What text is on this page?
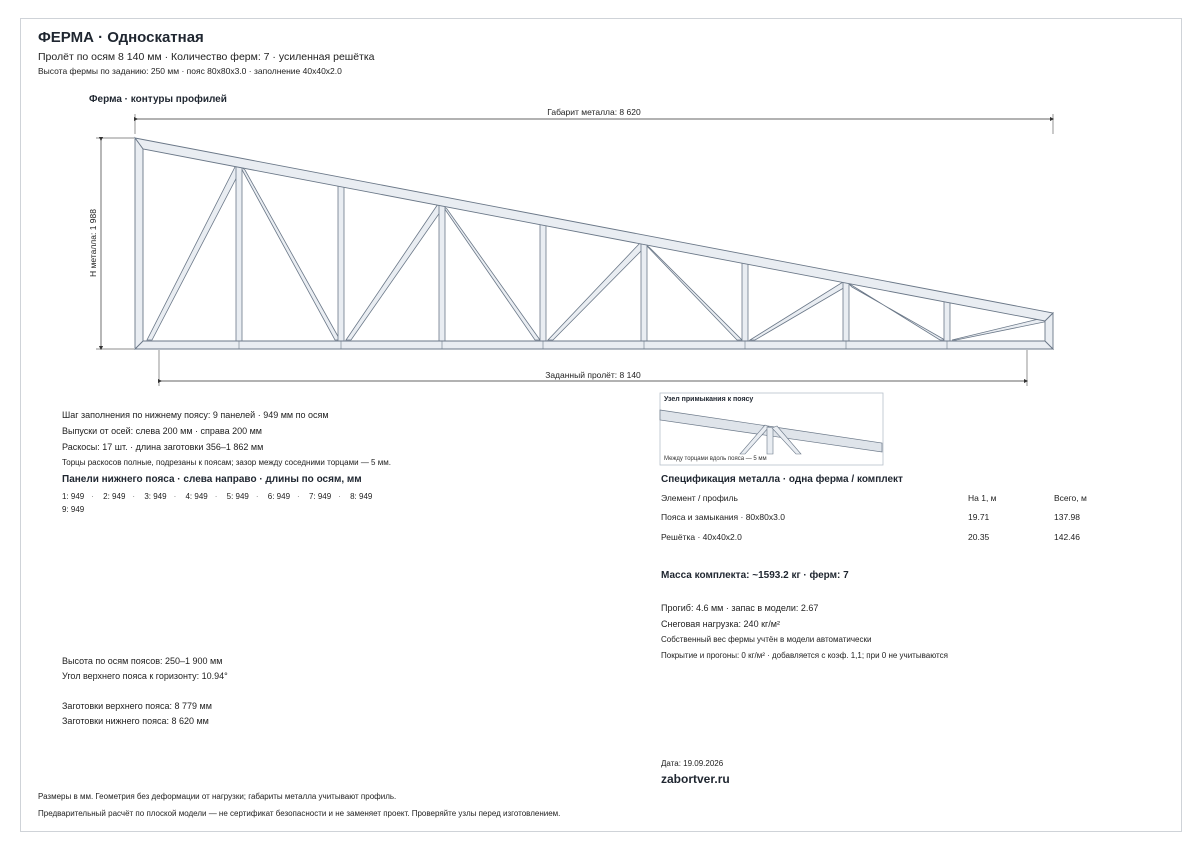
ФЕРМА · Односкатная
Пролёт по осям 8 140 мм · Количество ферм: 7 · усиленная решётка
Высота фермы по заданию: 250 мм · пояс 80x80x3.0 · заполнение 40x40x2.0
Ферма · контуры профилей
Габарит металла: 8 620
Н металла: 1 988
Заданный пролёт: 8 140
Узел примыкания к поясу
Между торцами вдоль пояса — 5 мм
Шаг заполнения по нижнему поясу: 9 панелей · 949 мм по осям
Выпуски от осей: слева 200 мм · справа 200 мм
Раскосы: 17 шт. · длина заготовки 356–1 862 мм
Торцы раскосов полные, подрезаны к поясам; зазор между соседними торцами — 5 мм.
Панели нижнего пояса · слева направо · длины по осям, мм
1: 949 · 2: 949 · 3: 949 · 4: 949 · 5: 949 · 6: 949 · 7: 949 · 8: 949
9: 949
Высота по осям поясов: 250–1 900 мм
Угол верхнего пояса к горизонту: 10.94°
Заготовки верхнего пояса: 8 779 мм
Заготовки нижнего пояса: 8 620 мм
Спецификация металла · одна ферма / комплект
Элемент / профиль	На 1, м	Всего, м
Пояса и замыкания · 80x80x3.0	19.71	137.98
Решётка · 40x40x2.0	20.35	142.46
Масса комплекта: ~1593.2 кг · ферм: 7
Прогиб: 4.6 мм · запас в модели: 2.67
Снеговая нагрузка: 240 кг/м²
Собственный вес фермы учтён в модели автоматически
Покрытие и прогоны: 0 кг/м² · добавляется с коэф. 1,1; при 0 не учитываются
Дата: 19.09.2026
zabortver.ru
Размеры в мм. Геометрия без деформации от нагрузки; габариты металла учитывают профиль.
Предварительный расчёт по плоской модели — не сертификат безопасности и не заменяет проект. Проверяйте узлы перед изготовлением.
